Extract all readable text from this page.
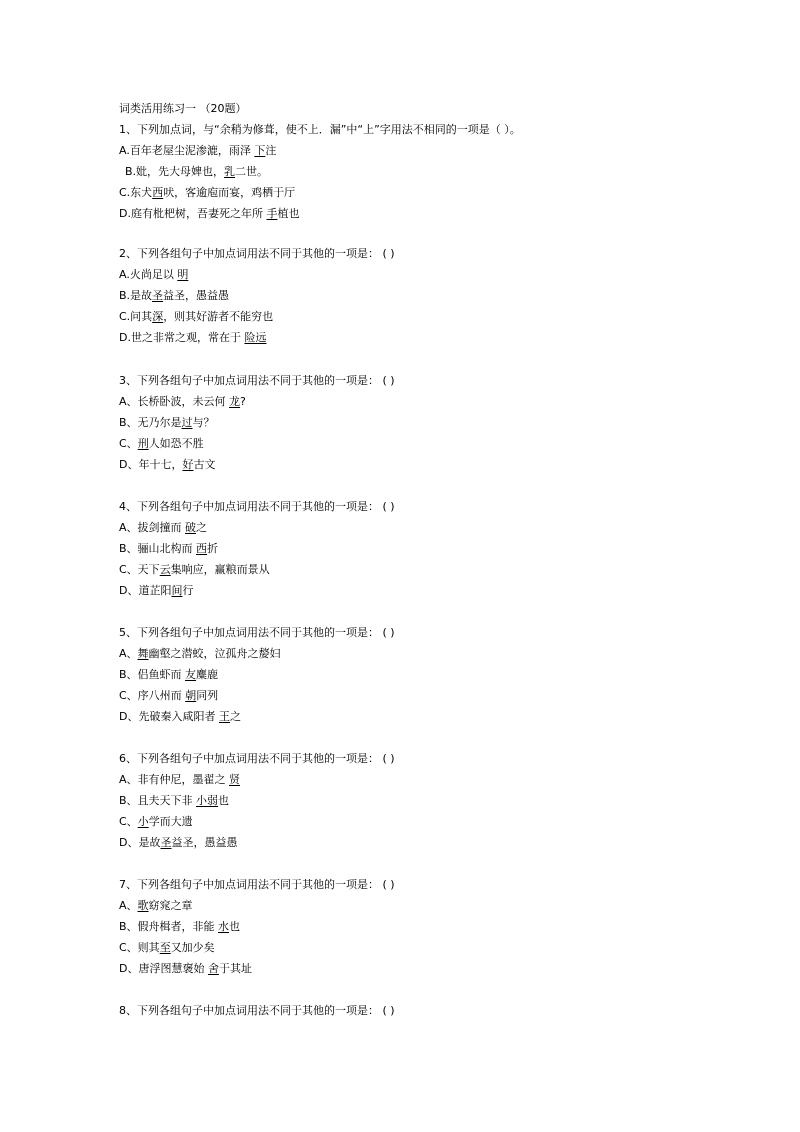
词类活用练习一 （20题）
1、下列加点词，与“余稍为修葺，使不上．漏”中“上”字用法不相同的一项是（ ）。
A.百年老屋尘泥渗漉，雨泽 下注
B.妣，先大母婢也，乳二世。
C.东犬西吠，客逾庖而宴，鸡栖于厅
D.庭有枇杷树，吾妻死之年所 手植也
2、下列各组句子中加点词用法不同于其他的一项是： ( )
A.火尚足以 明
B.是故圣益圣，愚益愚
C.问其深，则其好游者不能穷也
D.世之非常之观，常在于 险远
3、下列各组句子中加点词用法不同于其他的一项是： ( )
A、长桥卧波，未云何 龙?
B、无乃尔是过与？
C、刑人如恐不胜
D、年十七，好古文
4、下列各组句子中加点词用法不同于其他的一项是： ( )
A、拔剑撞而 破之
B、骊山北构而 西折
C、天下云集响应，赢粮而景从
D、道芷阳间行
5、下列各组句子中加点词用法不同于其他的一项是： ( )
A、舞幽壑之潜蛟，泣孤舟之嫠妇
B、侣鱼虾而 友麋鹿
C、序八州而 朝同列
D、先破秦入咸阳者 王之
6、下列各组句子中加点词用法不同于其他的一项是： ( )
A、非有仲尼，墨翟之 贤
B、且夫天下非 小弱也
C、小学而大遗
D、是故圣益圣，愚益愚
7、下列各组句子中加点词用法不同于其他的一项是： ( )
A、歌窈窕之章
B、假舟楫者，非能 水也
C、则其至又加少矣
D、唐浮图慧褒始 舍于其址
8、下列各组句子中加点词用法不同于其他的一项是： ( )
